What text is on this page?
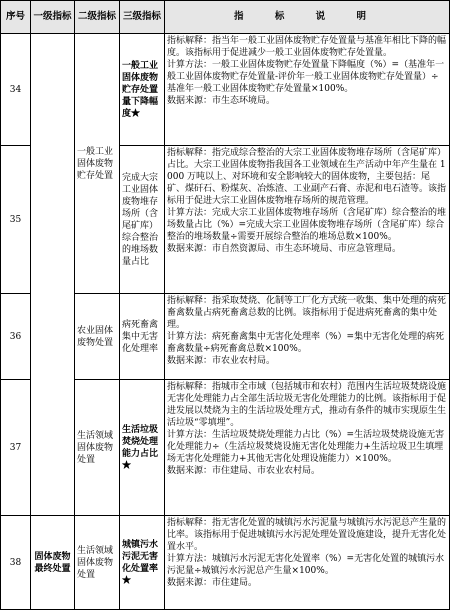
序号	一级指标	二级指标	三级指标	指 标 说 明
34		一般工业固体废物贮存处置	一般工业固体废物贮存处置量下降幅度★	指标解释：指当年一般工业固体废物贮存处置量与基准年相比下降的幅度。该指标用于促进减少一般工业固体废物贮存处置量。

计算方法：一般工业固体废物贮存处置量下降幅度（%）=（基准年一般工业固体废物贮存处置量-评价年一般工业固体废物贮存处置量）÷基准年一般工业固体废物贮存处置量×100%。

数据来源：市生态环境局。

35			完成大宗工业固体废物堆存场所（含尾矿库）综合整治的堆场数量占比	指标解释：指完成综合整治的大宗工业固体废物堆存场所（含尾矿库）占比。大宗工业固体废物指我国各工业领域在生产活动中年产生量在 1000 万吨以上、对环境和安全影响较大的固体废物，主要包括：尾矿、煤矸石、粉煤灰、冶炼渣、工业副产石膏、赤泥和电石渣等。该指标用于促进大宗工业固体废物堆存场所的规范管理。

计算方法：完成大宗工业固体废物堆存场所（含尾矿库）综合整治的堆场数量占比（%）=完成大宗工业固体废物堆存场所（含尾矿库）综合整治的堆场数量÷需要开展综合整治的堆场总数×100%。

数据来源：市自然资源局、市生态环境局、市应急管理局。

36		农业固体废物处置	病死畜禽集中无害化处理率	指标解释：指采取焚烧、化制等工厂化方式统一收集、集中处理的病死畜禽数量占病死畜禽总数的比例。该指标用于促进病死畜禽的集中处理。

计算方法：病死畜禽集中无害化处理率（%）=集中无害化处理的病死畜禽数量÷病死畜禽总数×100%。

数据来源：市农业农村局。

37		生活领域固体废物处置	生活垃圾焚烧处理能力占比★	指标解释：指城市全市域（包括城市和农村）范围内生活垃圾焚烧设施无害化处理能力占全部生活垃圾无害化处理能力的比例。该指标用于促进发展以焚烧为主的生活垃圾处理方式，推动有条件的城市实现原生生活垃圾“零填埋”。

计算方法：生活垃圾焚烧处理能力占比（%）=生活垃圾焚烧设施无害化处理能力÷（生活垃圾焚烧设施无害化处理能力+生活垃圾卫生填埋场无害化处理能力+其他无害化处理设施能力）×100%。

数据来源：市住建局、市农业农村局。

38	固体废物最终处置	生活领域固体废物处置	城镇污水污泥无害化处置率★	指标解释：指无害化处置的城镇污水污泥量与城镇污水污泥总产生量的比率。该指标用于促进城镇污水污泥处理处置设施建设，提升无害化处置水平。

计算方法：城镇污水污泥无害化处置率（%）=无害化处置的城镇污水污泥量÷城镇污水污泥总产生量×100%。

数据来源：市住建局。
